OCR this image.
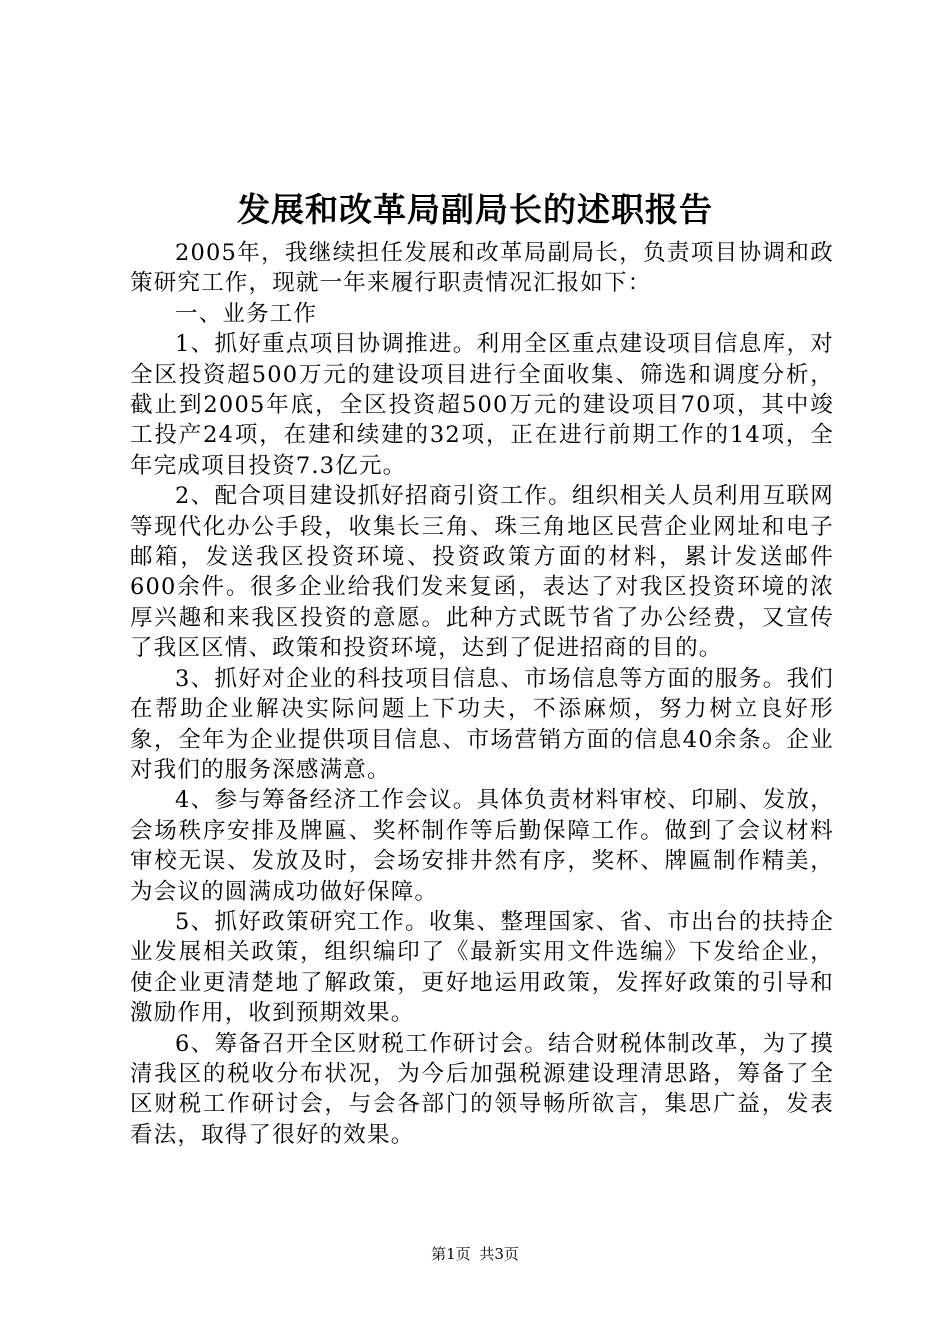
发展和改革局副局长的述职报告

2005年，我继续担任发展和改革局副局长，负责项目协调和政策研究工作，现就一年来履行职责情况汇报如下：

一、业务工作

1、抓好重点项目协调推进。利用全区重点建设项目信息库，对全区投资超500万元的建设项目进行全面收集、筛选和调度分析，截止到2005年底，全区投资超500万元的建设项目70项，其中竣工投产24项，在建和续建的32项，正在进行前期工作的14项，全年完成项目投资7.3亿元。

2、配合项目建设抓好招商引资工作。组织相关人员利用互联网等现代化办公手段，收集长三角、珠三角地区民营企业网址和电子邮箱，发送我区投资环境、投资政策方面的材料，累计发送邮件600余件。很多企业给我们发来复函，表达了对我区投资环境的浓厚兴趣和来我区投资的意愿。此种方式既节省了办公经费，又宣传了我区区情、政策和投资环境，达到了促进招商的目的。

3、抓好对企业的科技项目信息、市场信息等方面的服务。我们在帮助企业解决实际问题上下功夫，不添麻烦，努力树立良好形象，全年为企业提供项目信息、市场营销方面的信息40余条。企业对我们的服务深感满意。

4、参与筹备经济工作会议。具体负责材料审校、印刷、发放，会场秩序安排及牌匾、奖杯制作等后勤保障工作。做到了会议材料审校无误、发放及时，会场安排井然有序，奖杯、牌匾制作精美，为会议的圆满成功做好保障。

5、抓好政策研究工作。收集、整理国家、省、市出台的扶持企业发展相关政策，组织编印了《最新实用文件选编》下发给企业，使企业更清楚地了解政策，更好地运用政策，发挥好政策的引导和激励作用，收到预期效果。

6、筹备召开全区财税工作研讨会。结合财税体制改革，为了摸清我区的税收分布状况，为今后加强税源建设理清思路，筹备了全区财税工作研讨会，与会各部门的领导畅所欲言，集思广益，发表看法，取得了很好的效果。

第1页 共3页
